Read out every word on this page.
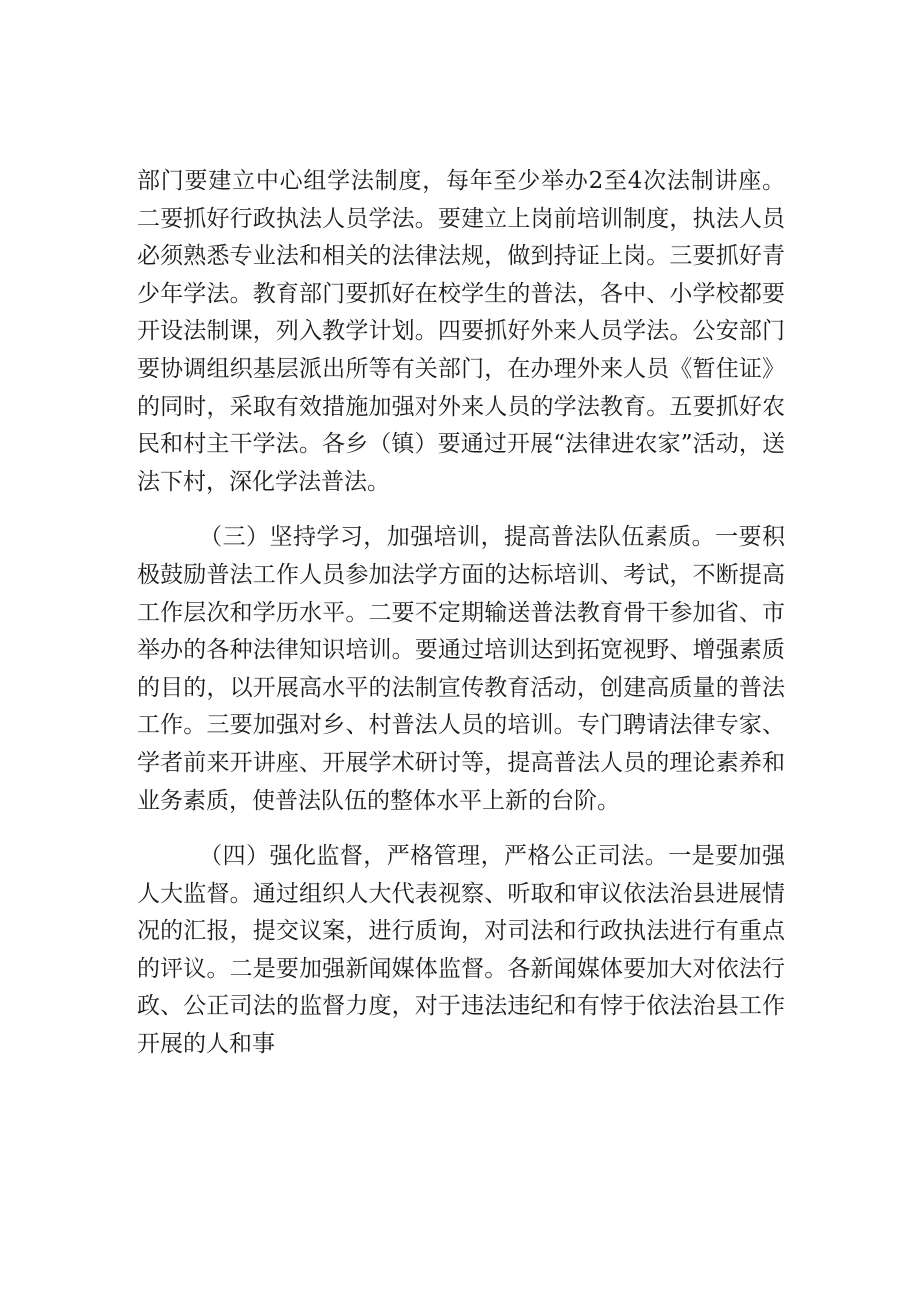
部门要建立中心组学法制度，每年至少举办2至4次法制讲座。二要抓好行政执法人员学法。要建立上岗前培训制度，执法人员必须熟悉专业法和相关的法律法规，做到持证上岗。三要抓好青少年学法。教育部门要抓好在校学生的普法，各中、小学校都要开设法制课，列入教学计划。四要抓好外来人员学法。公安部门要协调组织基层派出所等有关部门，在办理外来人员《暂住证》的同时，采取有效措施加强对外来人员的学法教育。五要抓好农民和村主干学法。各乡（镇）要通过开展“法律进农家”活动，送法下村，深化学法普法。

（三）坚持学习，加强培训，提高普法队伍素质。一要积极鼓励普法工作人员参加法学方面的达标培训、考试，不断提高工作层次和学历水平。二要不定期输送普法教育骨干参加省、市举办的各种法律知识培训。要通过培训达到拓宽视野、增强素质的目的，以开展高水平的法制宣传教育活动，创建高质量的普法工作。三要加强对乡、村普法人员的培训。专门聘请法律专家、学者前来开讲座、开展学术研讨等，提高普法人员的理论素养和业务素质，使普法队伍的整体水平上新的台阶。

（四）强化监督，严格管理，严格公正司法。一是要加强人大监督。通过组织人大代表视察、听取和审议依法治县进展情况的汇报，提交议案，进行质询，对司法和行政执法进行有重点的评议。二是要加强新闻媒体监督。各新闻媒体要加大对依法行政、公正司法的监督力度，对于违法违纪和有悖于依法治县工作开展的人和事
